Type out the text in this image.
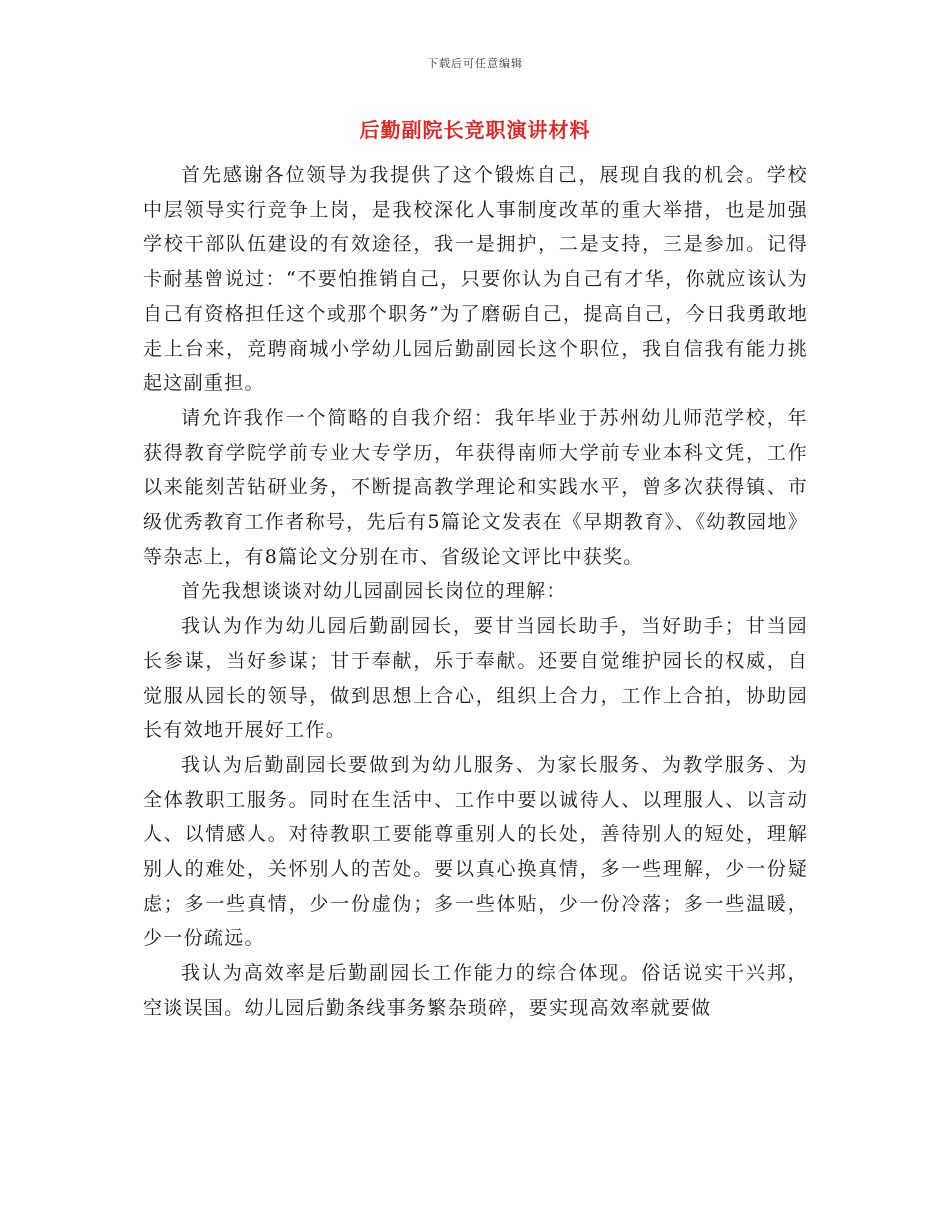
下载后可任意编辑
后勤副院长竞职演讲材料

首先感谢各位领导为我提供了这个锻炼自己，展现自我的机会。学校中层领导实行竞争上岗，是我校深化人事制度改革的重大举措，也是加强学校干部队伍建设的有效途径，我一是拥护，二是支持，三是参加。记得卡耐基曾说过：“不要怕推销自己，只要你认为自己有才华，你就应该认为自己有资格担任这个或那个职务”为了磨砺自己，提高自己，今日我勇敢地走上台来，竞聘商城小学幼儿园后勤副园长这个职位，我自信我有能力挑起这副重担。

请允许我作一个简略的自我介绍：我年毕业于苏州幼儿师范学校，年获得教育学院学前专业大专学历，年获得南师大学前专业本科文凭，工作以来能刻苦钻研业务，不断提高教学理论和实践水平，曾多次获得镇、市级优秀教育工作者称号，先后有5篇论文发表在《早期教育》、《幼教园地》等杂志上，有8篇论文分别在市、省级论文评比中获奖。

首先我想谈谈对幼儿园副园长岗位的理解：

我认为作为幼儿园后勤副园长，要甘当园长助手，当好助手；甘当园长参谋，当好参谋；甘于奉献，乐于奉献。还要自觉维护园长的权威，自觉服从园长的领导，做到思想上合心，组织上合力，工作上合拍，协助园长有效地开展好工作。

我认为后勤副园长要做到为幼儿服务、为家长服务、为教学服务、为全体教职工服务。同时在生活中、工作中要以诚待人、以理服人、以言动人、以情感人。对待教职工要能尊重别人的长处，善待别人的短处，理解别人的难处，关怀别人的苦处。要以真心换真情，多一些理解，少一份疑虑；多一些真情，少一份虚伪；多一些体贴，少一份冷落；多一些温暖，少一份疏远。

我认为高效率是后勤副园长工作能力的综合体现。俗话说实干兴邦，空谈误国。幼儿园后勤条线事务繁杂琐碎，要实现高效率就要做
